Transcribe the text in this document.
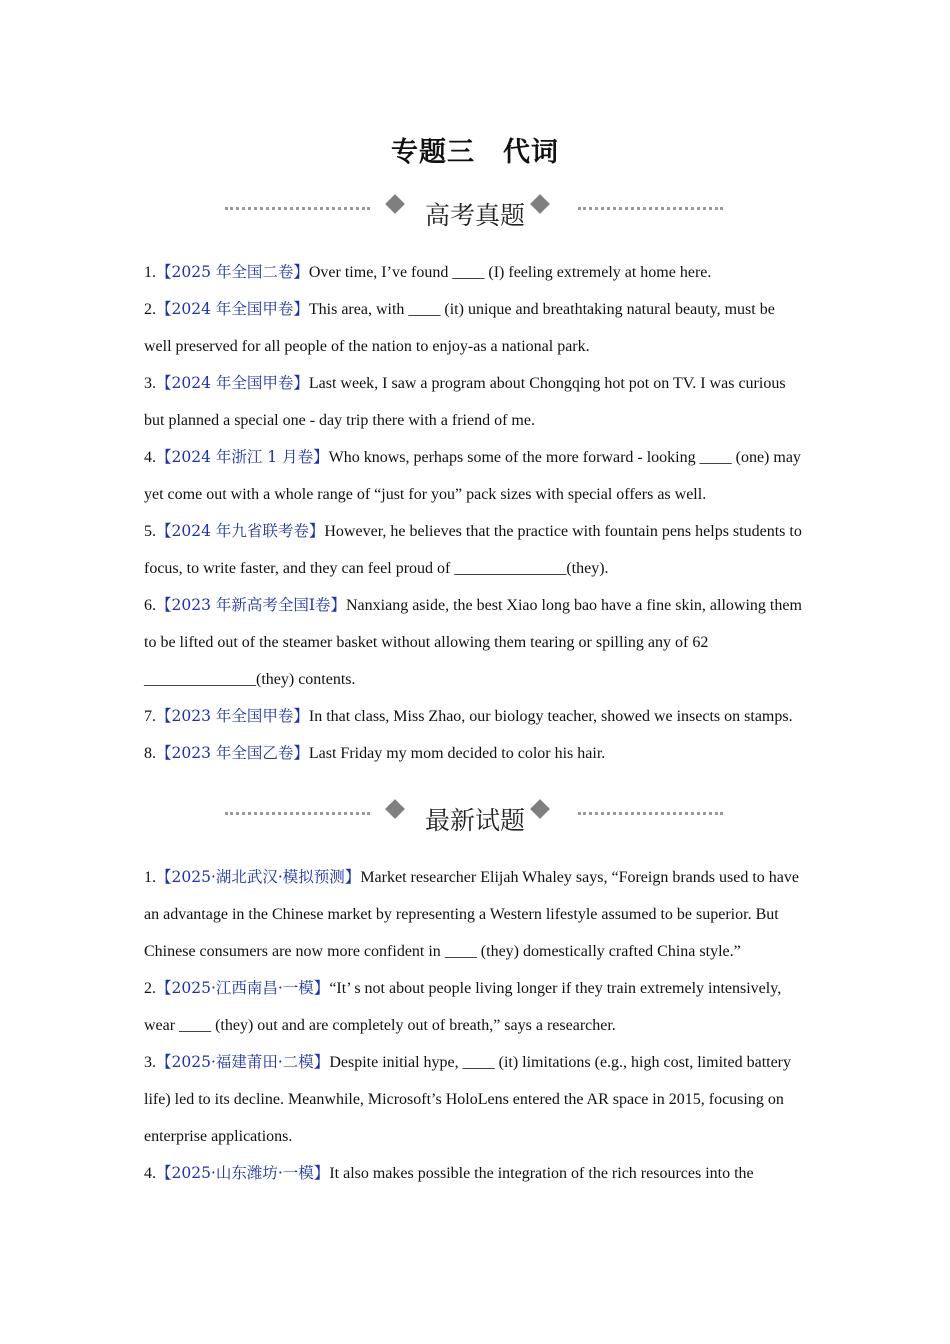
专题三　代词
高考真题

1.【2025 年全国二卷】Over time, I’ve found ____ (I) feeling extremely at home here.

2.【2024 年全国甲卷】This area, with ____ (it) unique and breathtaking natural beauty, must be well preserved for all people of the nation to enjoy-as a national park.

3.【2024 年全国甲卷】Last week, I saw a program about Chongqing hot pot on TV. I was curious but planned a special one - day trip there with a friend of me.

4.【2024 年浙江 1 月卷】Who knows, perhaps some of the more forward - looking ____ (one) may yet come out with a whole range of “just for you” pack sizes with special offers as well.

5.【2024 年九省联考卷】However, he believes that the practice with fountain pens helps students to focus, to write faster, and they can feel proud of ______________(they).

6.【2023 年新高考全国Ⅰ卷】Nanxiang aside, the best Xiao long bao have a fine skin, allowing them to be lifted out of the steamer basket without allowing them tearing or spilling any of 62 ______________(they) contents.

7.【2023 年全国甲卷】In that class, Miss Zhao, our biology teacher, showed we insects on stamps.

8.【2023 年全国乙卷】Last Friday my mom decided to color his hair.

最新试题

1.【2025·湖北武汉·模拟预测】Market researcher Elijah Whaley says, “Foreign brands used to have an advantage in the Chinese market by representing a Western lifestyle assumed to be superior. But Chinese consumers are now more confident in ____ (they) domestically crafted China style.”

2.【2025·江西南昌·一模】“It’ s not about people living longer if they train extremely intensively, wear ____ (they) out and are completely out of breath,” says a researcher.

3.【2025·福建莆田·二模】Despite initial hype, ____ (it) limitations (e.g., high cost, limited battery life) led to its decline. Meanwhile, Microsoft’s HoloLens entered the AR space in 2015, focusing on enterprise applications.

4.【2025·山东潍坊·一模】It also makes possible the integration of the rich resources into the
